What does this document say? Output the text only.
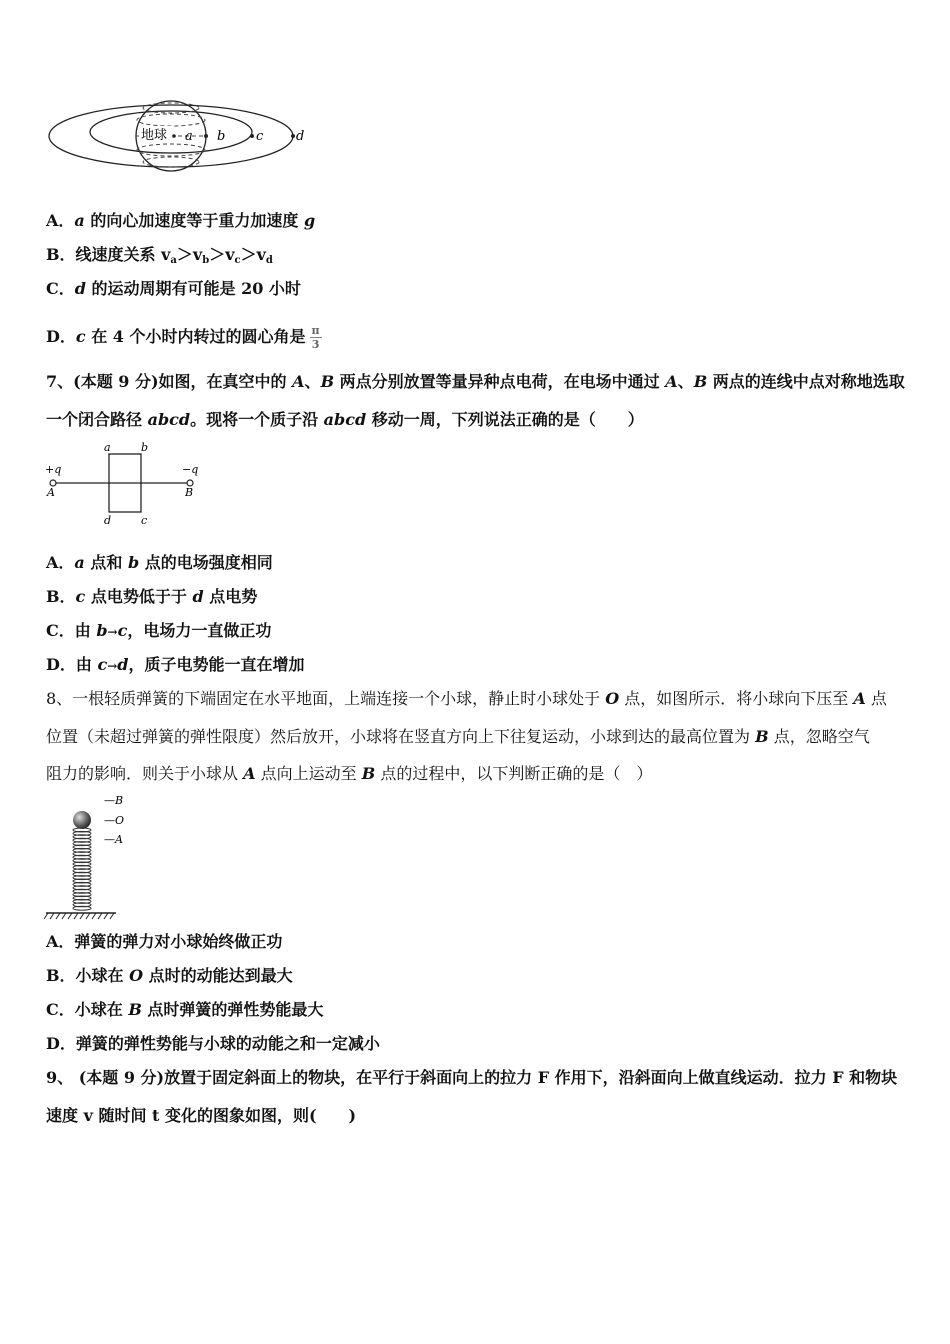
地球 a b c	d
A．a 的向心加速度等于重力加速度 g
B．线速度关系 $v_a>v_b>v_c>v_d$
C．d 的运动周期有可能是 20 小时
D．c 在 4 个小时内转过的圆心角是 $\frac{\pi}{3}$
7、(本题 9 分)如图，在真空中的 A、B 两点分别放置等量异种点电荷，在电场中通过 A、B 两点的连线中点对称地选取
一个闭合路径 abcd。现将一个质子沿 abcd 移动一周，下列说法正确的是（　　）
+q
A
−q
B
a	b
d	c
A．a 点和 b 点的电场强度相同
B．c 点电势低于于 d 点电势
C．由 b→c，电场力一直做正功
D．由 c→d，质子电势能一直在增加
8、一根轻质弹簧的下端固定在水平地面，上端连接一个小球，静止时小球处于 O 点，如图所示．将小球向下压至 A 点
位置（未超过弹簧的弹性限度）然后放开，小球将在竖直方向上下往复运动，小球到达的最高位置为 B 点，忽略空气
阻力的影响．则关于小球从 A 点向上运动至 B 点的过程中，以下判断正确的是（　）
—B
—O
—A
A．弹簧的弹力对小球始终做正功
B．小球在 O 点时的动能达到最大
C．小球在 B 点时弹簧的弹性势能最大
D．弹簧的弹性势能与小球的动能之和一定减小
9、 (本题 9 分)放置于固定斜面上的物块，在平行于斜面向上的拉力 F 作用下，沿斜面向上做直线运动．拉力 F 和物块
速度 v 随时间 t 变化的图象如图，则(　　)
